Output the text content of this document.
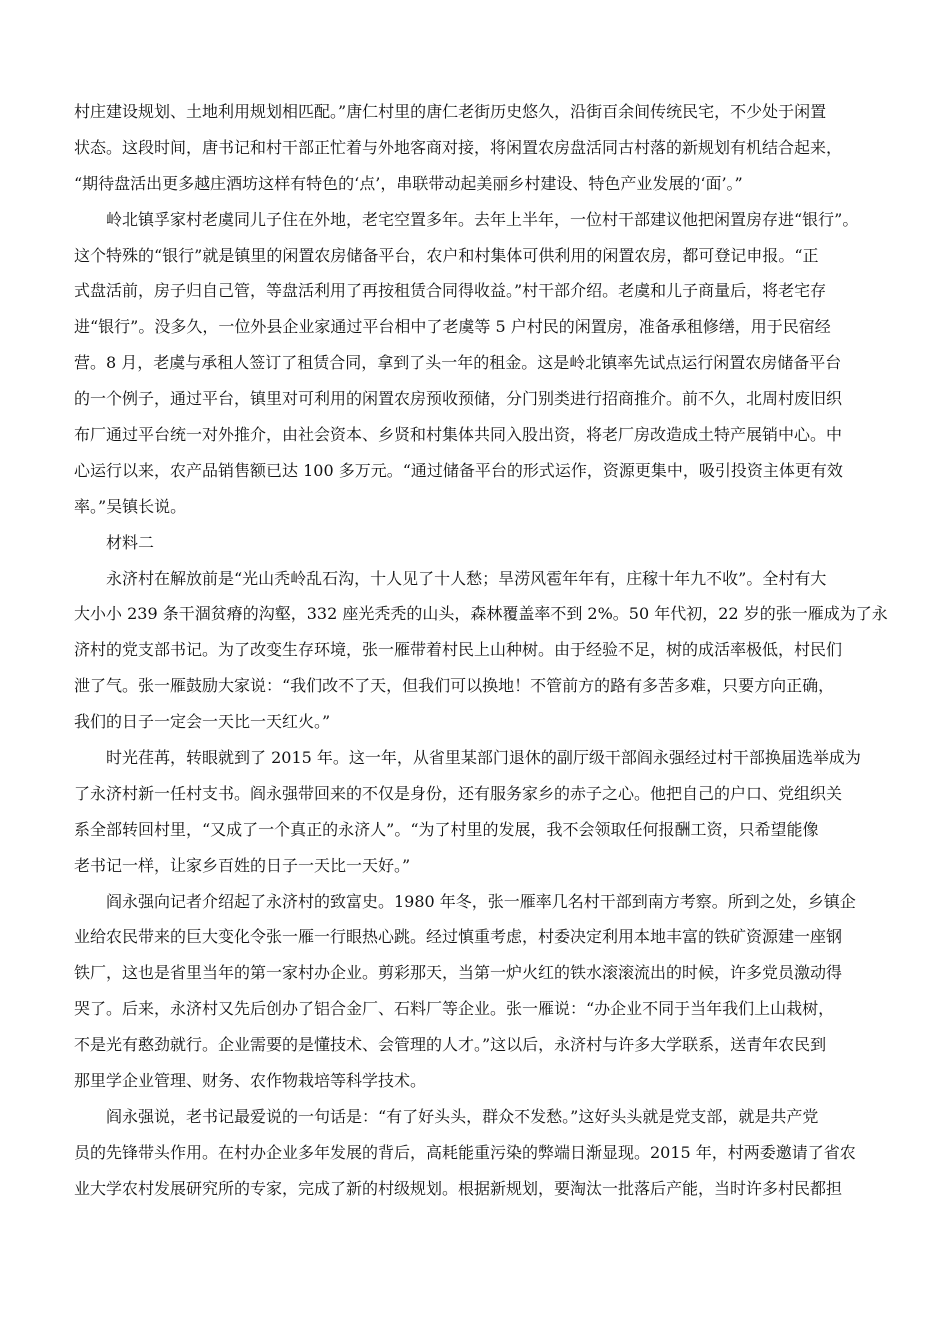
村庄建设规划、土地利用规划相匹配。”唐仁村里的唐仁老街历史悠久，沿街百余间传统民宅，不少处于闲置
状态。这段时间，唐书记和村干部正忙着与外地客商对接，将闲置农房盘活同古村落的新规划有机结合起来，
“期待盘活出更多越庄酒坊这样有特色的‘点’，串联带动起美丽乡村建设、特色产业发展的‘面’。”
岭北镇孚家村老虞同儿子住在外地，老宅空置多年。去年上半年，一位村干部建议他把闲置房存进“银行”。
这个特殊的“银行”就是镇里的闲置农房储备平台，农户和村集体可供利用的闲置农房，都可登记申报。“正
式盘活前，房子归自己管，等盘活利用了再按租赁合同得收益。”村干部介绍。老虞和儿子商量后，将老宅存
进“银行”。没多久，一位外县企业家通过平台相中了老虞等 5 户村民的闲置房，准备承租修缮，用于民宿经
营。8 月，老虞与承租人签订了租赁合同，拿到了头一年的租金。这是岭北镇率先试点运行闲置农房储备平台
的一个例子，通过平台，镇里对可利用的闲置农房预收预储，分门别类进行招商推介。前不久，北周村废旧织
布厂通过平台统一对外推介，由社会资本、乡贤和村集体共同入股出资，将老厂房改造成土特产展销中心。中
心运行以来，农产品销售额已达 100 多万元。“通过储备平台的形式运作，资源更集中，吸引投资主体更有效
率。”吴镇长说。
材料二
永济村在解放前是“光山秃岭乱石沟，十人见了十人愁；旱涝风雹年年有，庄稼十年九不收”。全村有大
大小小 239 条干涸贫瘠的沟壑，332 座光秃秃的山头，森林覆盖率不到 2%。50 年代初，22 岁的张一雁成为了永
济村的党支部书记。为了改变生存环境，张一雁带着村民上山种树。由于经验不足，树的成活率极低，村民们
泄了气。张一雁鼓励大家说：“我们改不了天，但我们可以换地！不管前方的路有多苦多难，只要方向正确，
我们的日子一定会一天比一天红火。”
时光荏苒，转眼就到了 2015 年。这一年，从省里某部门退休的副厅级干部阎永强经过村干部换届选举成为
了永济村新一任村支书。阎永强带回来的不仅是身份，还有服务家乡的赤子之心。他把自己的户口、党组织关
系全部转回村里，“又成了一个真正的永济人”。“为了村里的发展，我不会领取任何报酬工资，只希望能像
老书记一样，让家乡百姓的日子一天比一天好。”
阎永强向记者介绍起了永济村的致富史。1980 年冬，张一雁率几名村干部到南方考察。所到之处，乡镇企
业给农民带来的巨大变化令张一雁一行眼热心跳。经过慎重考虑，村委决定利用本地丰富的铁矿资源建一座钢
铁厂，这也是省里当年的第一家村办企业。剪彩那天，当第一炉火红的铁水滚滚流出的时候，许多党员激动得
哭了。后来，永济村又先后创办了铝合金厂、石料厂等企业。张一雁说：“办企业不同于当年我们上山栽树，
不是光有憨劲就行。企业需要的是懂技术、会管理的人才。”这以后，永济村与许多大学联系，送青年农民到
那里学企业管理、财务、农作物栽培等科学技术。
阎永强说，老书记最爱说的一句话是：“有了好头头，群众不发愁。”这好头头就是党支部，就是共产党
员的先锋带头作用。在村办企业多年发展的背后，高耗能重污染的弊端日渐显现。2015 年，村两委邀请了省农
业大学农村发展研究所的专家，完成了新的村级规划。根据新规划，要淘汰一批落后产能，当时许多村民都担
